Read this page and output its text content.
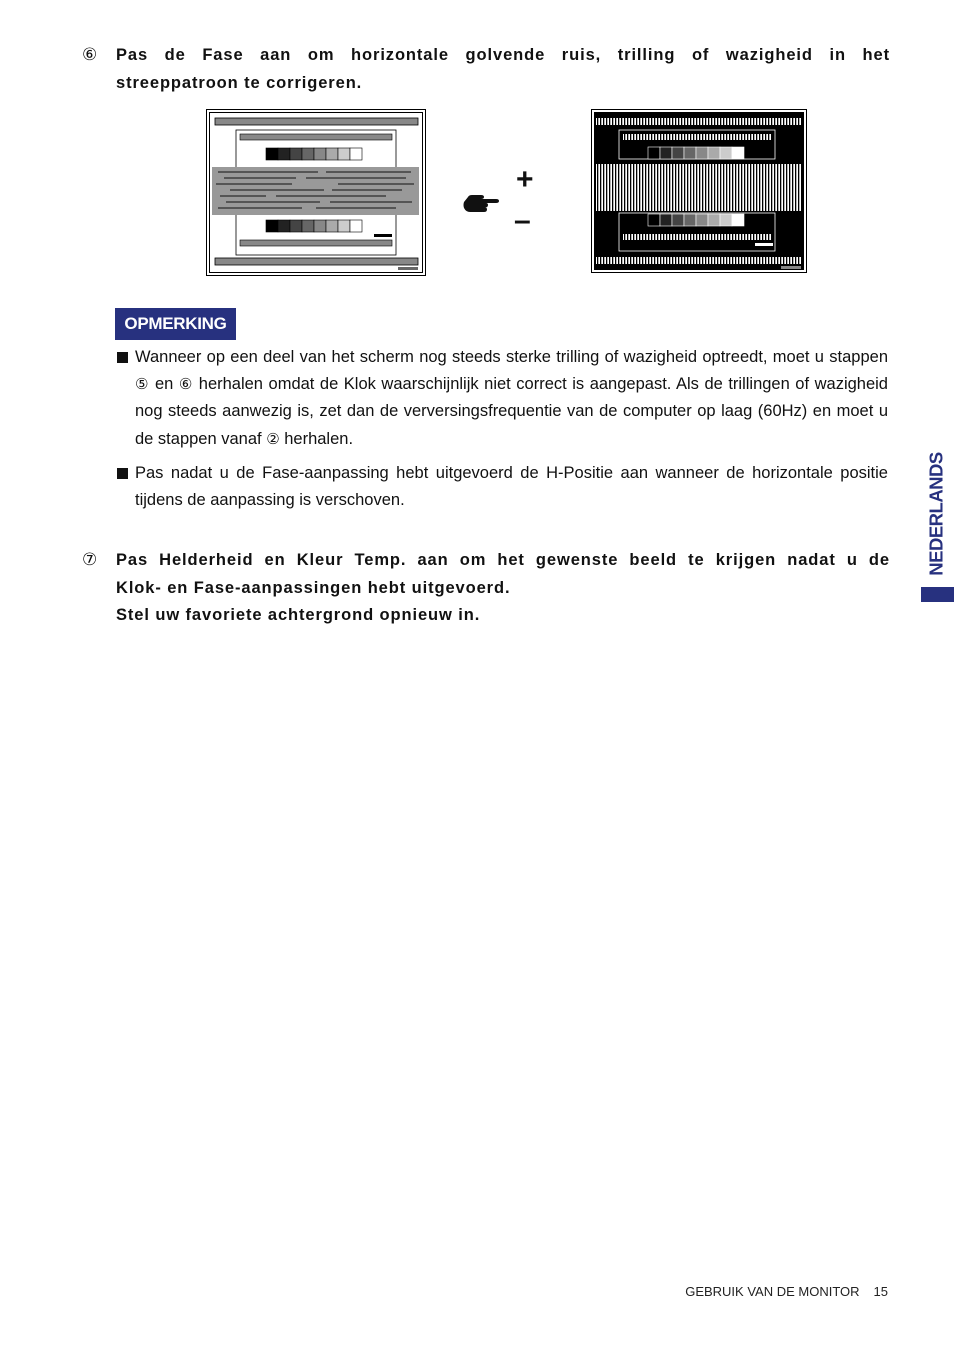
⑥	Pas de Fase aan om horizontale golvende ruis, trilling of wazigheid in het
streeppatroon te corrigeren.
+
–
OPMERKING
Wanneer op een deel van het scherm nog steeds sterke trilling of wazigheid optreedt, moet u stappen ⑤ en ⑥ herhalen omdat de Klok waarschijnlijk niet correct is aangepast. Als de trillingen of wazigheid nog steeds aanwezig is, zet dan de verversingsfrequentie van de computer op laag (60Hz) en moet u de stappen vanaf ② herhalen.
Pas nadat u de Fase-aanpassing hebt uitgevoerd de H-Positie aan wanneer de horizontale positie tijdens de aanpassing is verschoven.
⑦	Pas Helderheid en Kleur Temp. aan om het gewenste beeld te krijgen nadat u de
Klok- en Fase-aanpassingen hebt uitgevoerd.
Stel uw favoriete achtergrond opnieuw in.
NEDERLANDS
GEBRUIK VAN DE MONITOR 15
